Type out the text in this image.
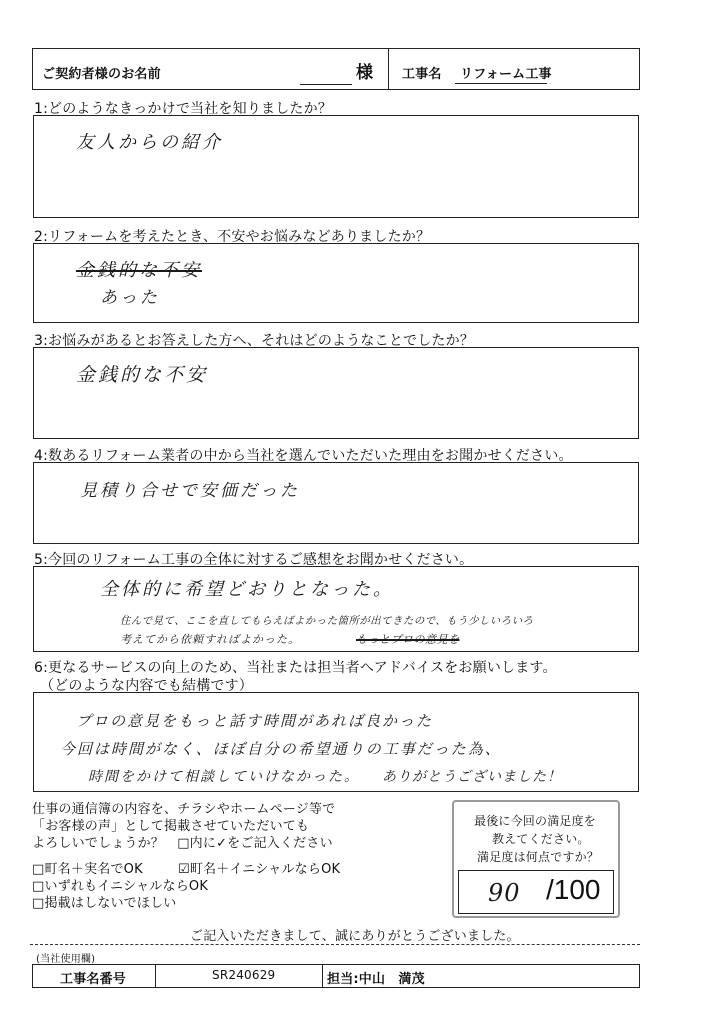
ご契約者様のお名前	様 工事名 リフォーム工事
1:どのようなきっかけで当社を知りましたか？
友人からの紹介
2:リフォームを考えたとき、不安やお悩みなどありましたか？
金銭的な不安
あった
3:お悩みがあるとお答えした方へ、それはどのようなことでしたか？
金銭的な不安
4:数あるリフォーム業者の中から当社を選んでいただいた理由をお聞かせください。
見積り合せで安価だった
5:今回のリフォーム工事の全体に対するご感想をお聞かせください。
全体的に希望どおりとなった。
住んで見て、ここを直してもらえばよかった箇所が出てきたので、もう少しいろいろ
考えてから依頼すればよかった。	もっとプロの意見を
6:更なるサービスの向上のため、当社または担当者へアドバイスをお願いします。
（どのような内容でも結構です）
プロの意見をもっと話す時間があれば良かった
今回は時間がなく、ほぼ自分の希望通りの工事だった為、
時間をかけて相談していけなかった。 ありがとうございました！
仕事の通信簿の内容を、チラシやホームページ等で
「お客様の声」として掲載させていただいても
よろしいでしょうか？　□内に✓をご記入ください
□町名＋実名でOK	☑町名＋イニシャルならOK
□いずれもイニシャルならOK
□掲載はしないでほしい
最後に今回の満足度を
教えてください。
満足度は何点ですか？
90 /100
ご記入いただきまして、誠にありがとうございました。
(当社使用欄)
工事名番号	SR240629	担当:中山　満茂
